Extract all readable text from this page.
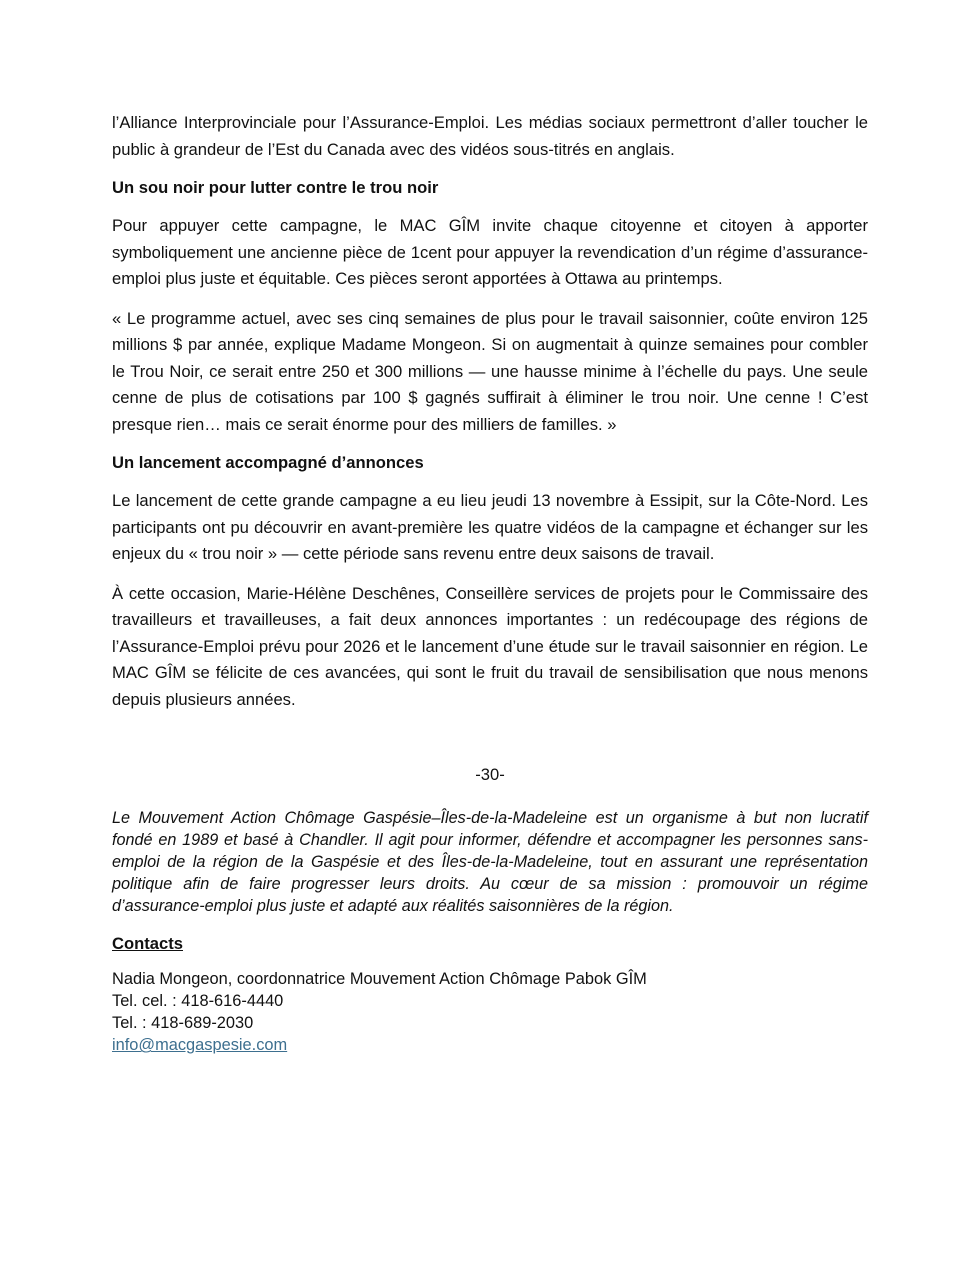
l’Alliance Interprovinciale pour l’Assurance-Emploi. Les médias sociaux permettront d’aller toucher le public à grandeur de l’Est du Canada avec des vidéos sous-titrés en anglais.

Un sou noir pour lutter contre le trou noir

Pour appuyer cette campagne, le MAC GÎM invite chaque citoyenne et citoyen à apporter symboliquement une ancienne pièce de 1cent pour appuyer la revendication d’un régime d’assurance-emploi plus juste et équitable. Ces pièces seront apportées à Ottawa au printemps.

« Le programme actuel, avec ses cinq semaines de plus pour le travail saisonnier, coûte environ 125 millions $ par année, explique Madame Mongeon. Si on augmentait à quinze semaines pour combler le Trou Noir, ce serait entre 250 et 300 millions — une hausse minime à l’échelle du pays. Une seule cenne de plus de cotisations par 100 $ gagnés suffirait à éliminer le trou noir. Une cenne ! C’est presque rien… mais ce serait énorme pour des milliers de familles. »

Un lancement accompagné d’annonces

Le lancement de cette grande campagne a eu lieu jeudi 13 novembre à Essipit, sur la Côte-Nord. Les participants ont pu découvrir en avant-première les quatre vidéos de la campagne et échanger sur les enjeux du « trou noir » — cette période sans revenu entre deux saisons de travail.

À cette occasion, Marie-Hélène Deschênes, Conseillère services de projets pour le Commissaire des travailleurs et travailleuses, a fait deux annonces importantes : un redécoupage des régions de l’Assurance-Emploi prévu pour 2026 et le lancement d’une étude sur le travail saisonnier en région. Le MAC GÎM se félicite de ces avancées, qui sont le fruit du travail de sensibilisation que nous menons depuis plusieurs années.

-30-

Le Mouvement Action Chômage Gaspésie–Îles-de-la-Madeleine est un organisme à but non lucratif fondé en 1989 et basé à Chandler. Il agit pour informer, défendre et accompagner les personnes sans-emploi de la région de la Gaspésie et des Îles-de-la-Madeleine, tout en assurant une représentation politique afin de faire progresser leurs droits. Au cœur de sa mission : promouvoir un régime d’assurance-emploi plus juste et adapté aux réalités saisonnières de la région.

Contacts
Nadia Mongeon, coordonnatrice Mouvement Action Chômage Pabok GÎM
Tel. cel. : 418-616-4440
Tel. : 418-689-2030
info@macgaspesie.com
